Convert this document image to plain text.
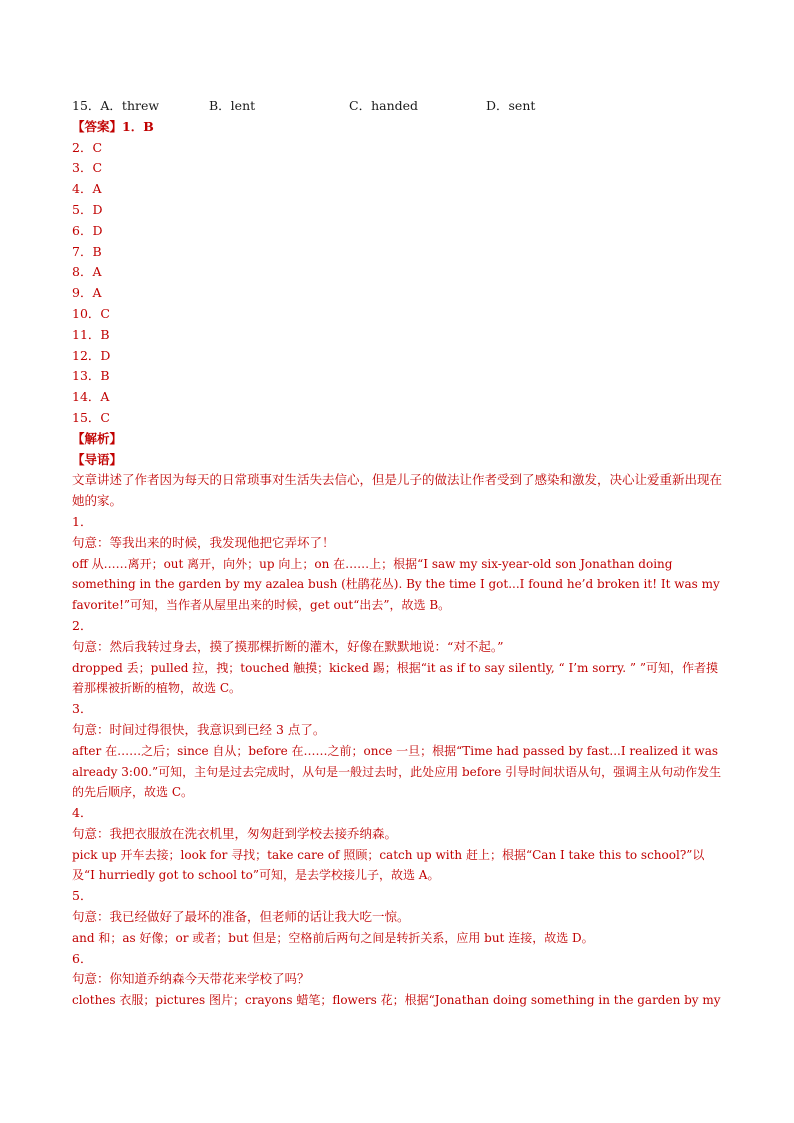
15．A．threw	B．lent	C．handed	D．sent

【答案】1．B

2．C

3．C

4．A

5．D

6．D

7．B

8．A

9．A

10．C

11．B

12．D

13．B

14．A

15．C

【解析】

【导语】

文章讲述了作者因为每天的日常琐事对生活失去信心，但是儿子的做法让作者受到了感染和激发，决心让爱重新出现在她的家。

1．

句意：等我出来的时候，我发现他把它弄坏了！

off 从……离开；out 离开，向外；up 向上；on 在……上；根据“I saw my six-year-old son Jonathan doing something in the garden by my azalea bush (杜鹃花丛). By the time I got...I found he’d broken it! It was my favorite!”可知，当作者从屋里出来的时候，get out“出去”，故选 B。

2．

句意：然后我转过身去，摸了摸那棵折断的灌木，好像在默默地说：“对不起。”

dropped 丢；pulled 拉，拽；touched 触摸；kicked 踢；根据“it as if to say silently, “ I’m sorry. ” ”可知，作者摸着那棵被折断的植物，故选 C。

3．

句意：时间过得很快，我意识到已经 3 点了。

after 在……之后；since 自从；before 在……之前；once 一旦；根据“Time had passed by fast...I realized it was already 3:00.”可知，主句是过去完成时，从句是一般过去时，此处应用 before 引导时间状语从句，强调主从句动作发生的先后顺序，故选 C。

4．

句意：我把衣服放在洗衣机里，匆匆赶到学校去接乔纳森。

pick up 开车去接；look for 寻找；take care of 照顾；catch up with 赶上；根据“Can I take this to school?”以及“I hurriedly got to school to”可知，是去学校接儿子，故选 A。

5．

句意：我已经做好了最坏的准备，但老师的话让我大吃一惊。

and 和；as 好像；or 或者；but 但是；空格前后两句之间是转折关系，应用 but 连接，故选 D。

6．

句意：你知道乔纳森今天带花来学校了吗？

clothes 衣服；pictures 图片；crayons 蜡笔；flowers 花；根据“Jonathan doing something in the garden by my
